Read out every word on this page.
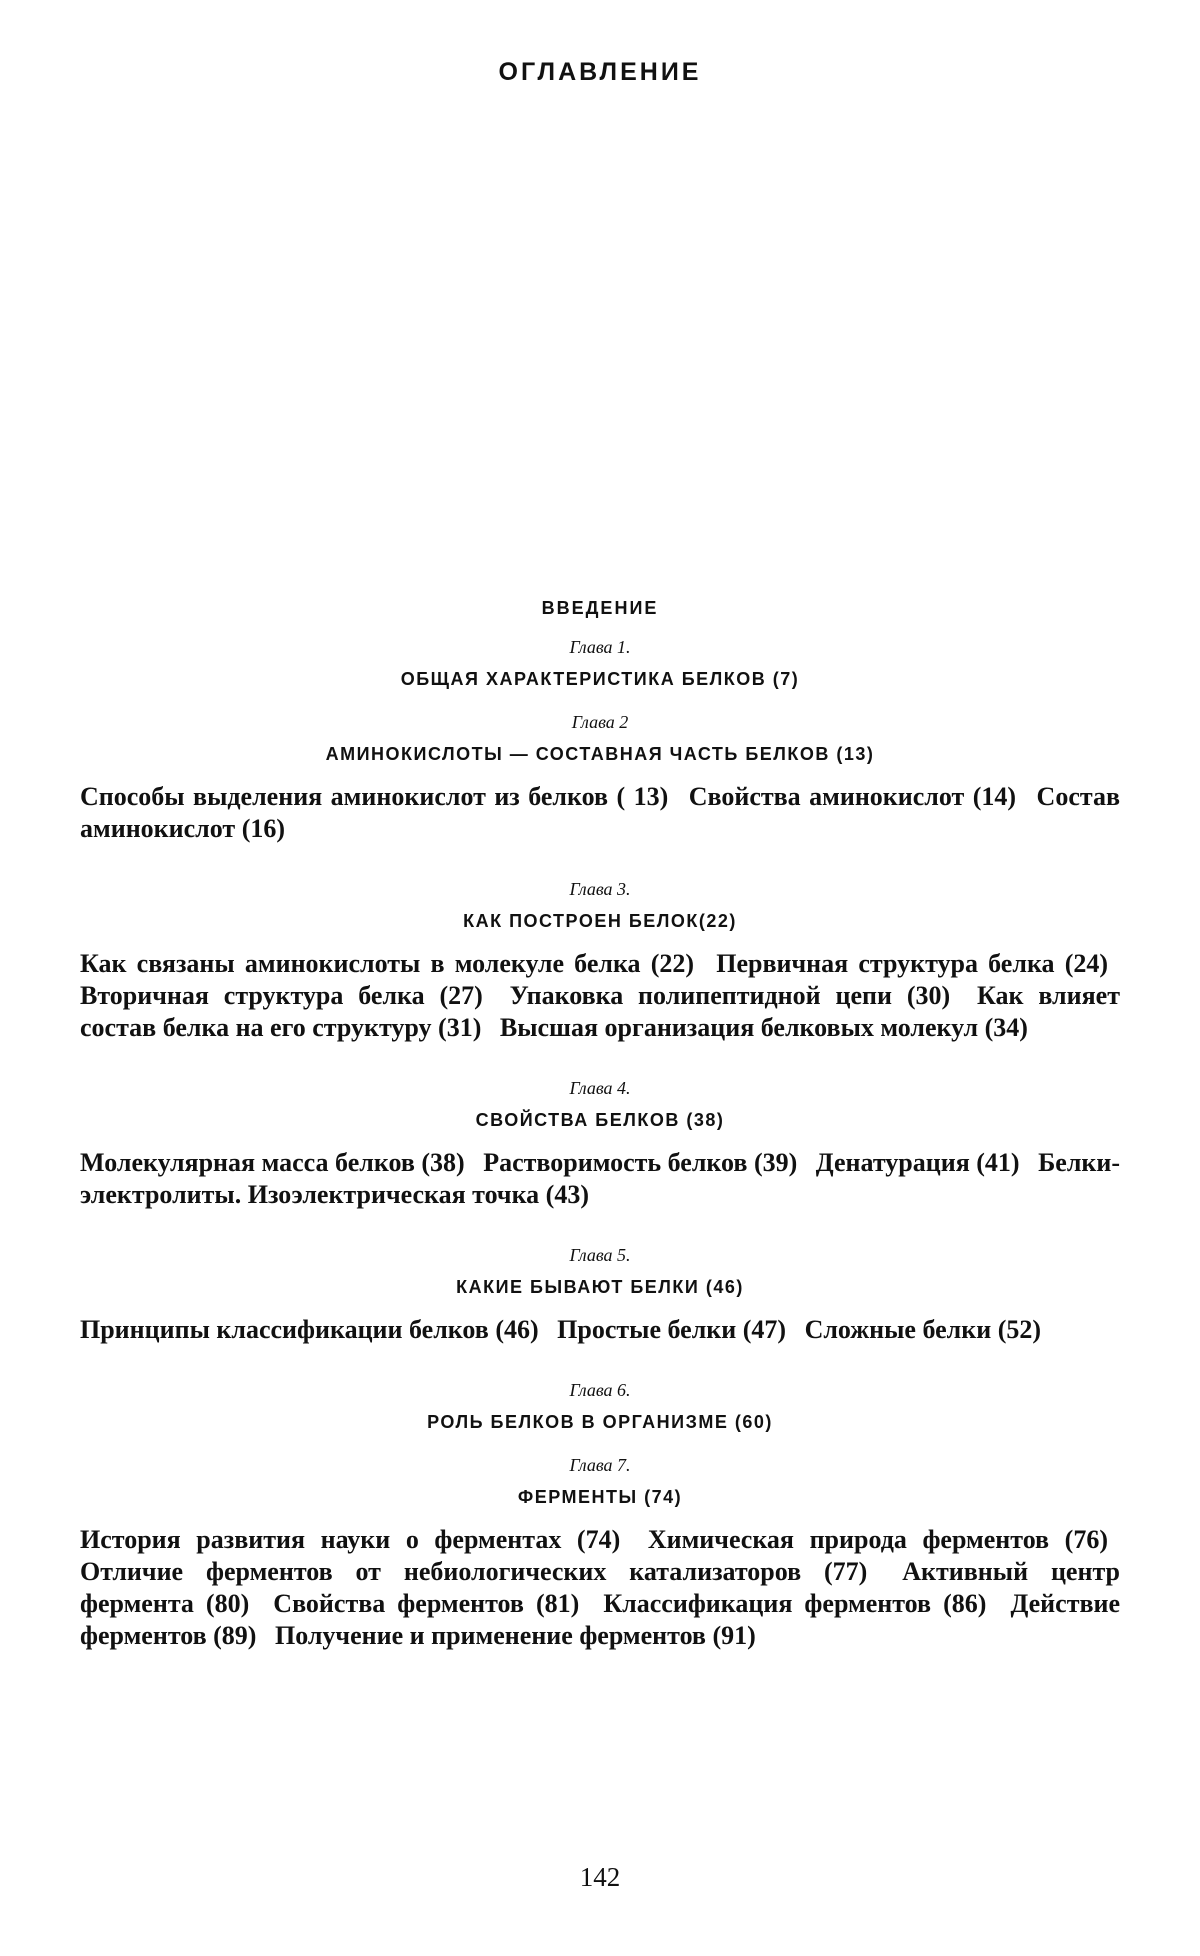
ОГЛАВЛЕНИЕ
ВВЕДЕНИЕ
Глава 1.
ОБЩАЯ ХАРАКТЕРИСТИКА БЕЛКОВ (7)
Глава 2
АМИНОКИСЛОТЫ — СОСТАВНАЯ ЧАСТЬ БЕЛКОВ (13)
Способы выделения аминокислот из белков ( 13) Свойства аминокислот (14) Состав аминокислот (16)
Глава 3.
КАК ПОСТРОЕН БЕЛОК(22)
Как связаны аминокислоты в молекуле белка (22) Первичная структура белка (24) Вторичная структура белка (27) Упаковка полипептидной цепи (30) Как влияет состав белка на его структуру (31) Высшая организация белковых молекул (34)
Глава 4.
СВОЙСТВА БЕЛКОВ (38)
Молекулярная масса белков (38) Растворимость белков (39) Денатурация (41) Белки-электролиты. Изоэлектрическая точка (43)
Глава 5.
КАКИЕ БЫВАЮТ БЕЛКИ (46)
Принципы классификации белков (46) Простые белки (47) Сложные белки (52)
Глава 6.
РОЛЬ БЕЛКОВ В ОРГАНИЗМЕ (60)
Глава 7.
ФЕРМЕНТЫ (74)
История развития науки о ферментах (74) Химическая природа ферментов (76) Отличие ферментов от небиологических катализаторов (77) Активный центр фермента (80) Свойства ферментов (81) Классификация ферментов (86) Действие ферментов (89) Получение и применение ферментов (91)
142
